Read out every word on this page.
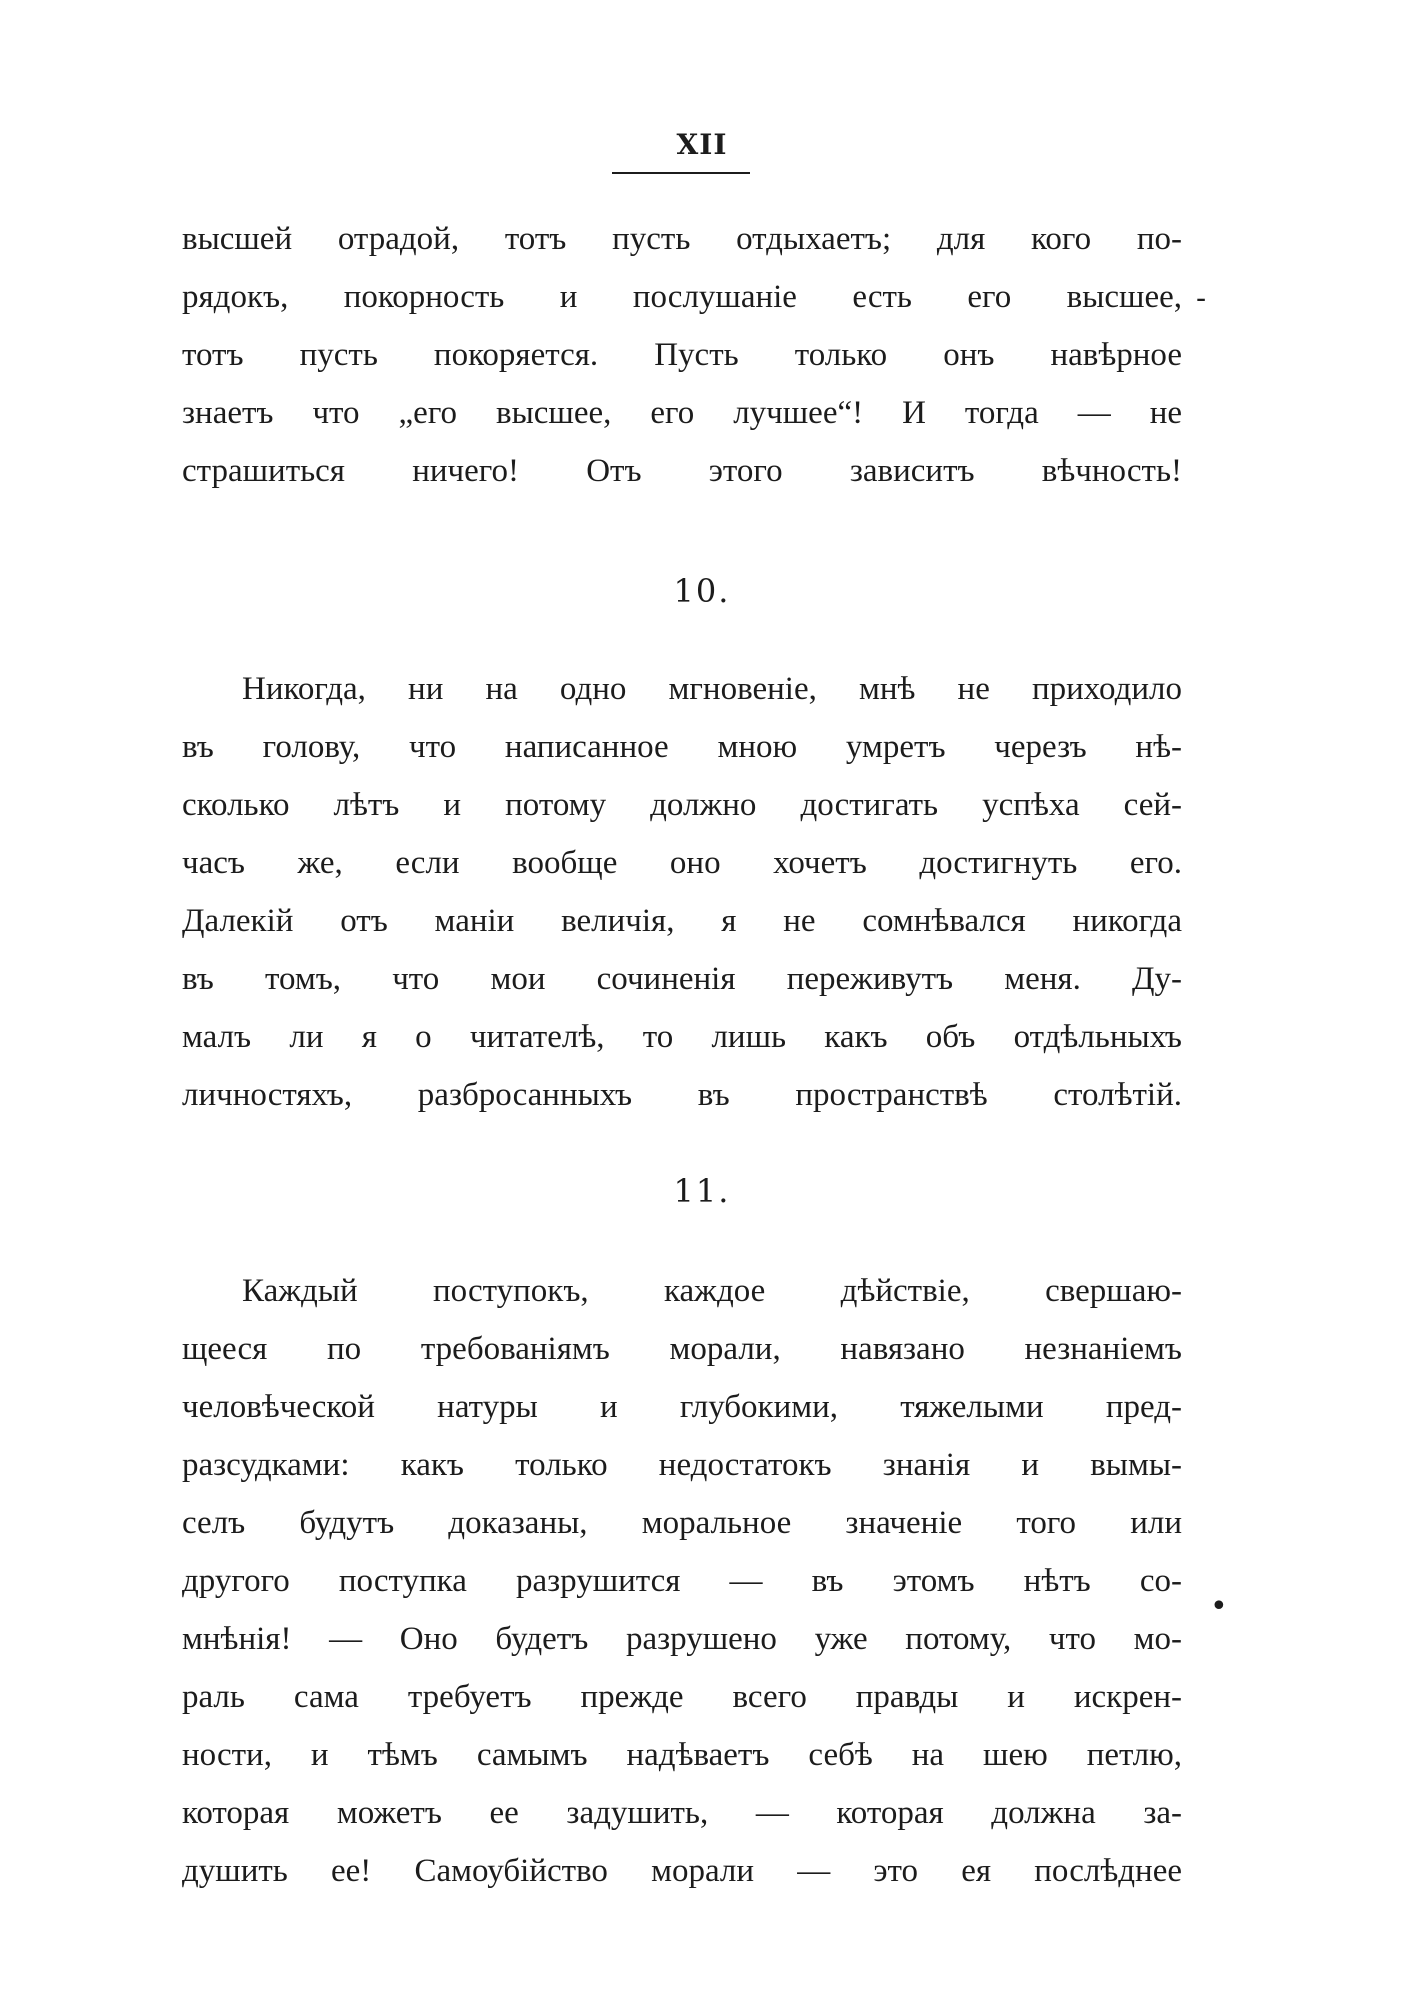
XII
высшей отрадой, тотъ пусть отдыхаетъ; для кого по-
рядокъ, покорность и послушаніе есть его высшее,
тотъ пусть покоряется. Пусть только онъ навѣрное
знаетъ что „его высшее, его лучшее“! И тогда — не
страшиться ничего! Отъ этого зависитъ вѣчность!
-
10.
Никогда, ни на одно мгновеніе, мнѣ не приходило
въ голову, что написанное мною умретъ черезъ нѣ-
сколько лѣтъ и потому должно достигать успѣха сей-
часъ же, если вообще оно хочетъ достигнуть его.
Далекій отъ маніи величія, я не сомнѣвался никогда
въ томъ, что мои сочиненія переживутъ меня. Ду-
малъ ли я о читателѣ, то лишь какъ объ отдѣльныхъ
личностяхъ, разбросанныхъ въ пространствѣ столѣтій.
11.
Каждый поступокъ, каждое дѣйствіе, свершаю-
щееся по требованіямъ морали, навязано незнаніемъ
человѣческой натуры и глубокими, тяжелыми пред-
разсудками: какъ только недостатокъ знанія и вымы-
селъ будутъ доказаны, моральное значеніе того или
другого поступка разрушится — въ этомъ нѣтъ со-
мнѣнія! — Оно будетъ разрушено уже потому, что мо-
раль сама требуетъ прежде всего правды и искрен-
ности, и тѣмъ самымъ надѣваетъ себѣ на шею петлю,
которая можетъ ее задушить, — которая должна за-
душить ее! Самоубійство морали — это ея послѣднее
•
